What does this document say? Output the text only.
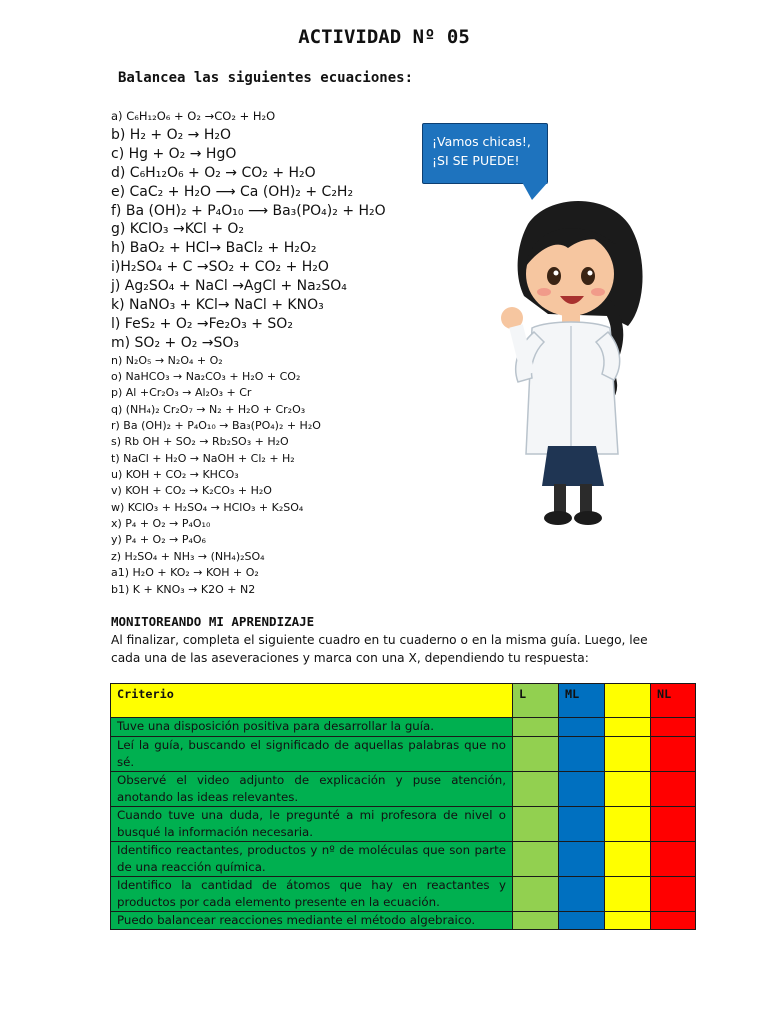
ACTIVIDAD Nº 05
Balancea las siguientes ecuaciones:
a) C₆H₁₂O₆ + O₂ →CO₂ + H₂O
b) H₂ + O₂ → H₂O
c) Hg + O₂ → HgO
d) C₆H₁₂O₆ + O₂ → CO₂ + H₂O
e) CaC₂ + H₂O ⟶ Ca (OH)₂ + C₂H₂
f) Ba (OH)₂ + P₄O₁₀ ⟶ Ba₃(PO₄)₂ + H₂O
g) KClO₃ →KCl + O₂
h) BaO₂ + HCl→ BaCl₂ + H₂O₂
i)H₂SO₄ + C →SO₂ + CO₂ + H₂O
j) Ag₂SO₄ + NaCl →AgCl + Na₂SO₄
k) NaNO₃ + KCl→ NaCl + KNO₃
l) FeS₂ + O₂ →Fe₂O₃ + SO₂
m) SO₂ + O₂ →SO₃
n) N₂O₅ → N₂O₄ + O₂
o) NaHCO₃ → Na₂CO₃ + H₂O + CO₂
p) Al +Cr₂O₃ → Al₂O₃ + Cr
q) (NH₄)₂ Cr₂O₇ → N₂ + H₂O + Cr₂O₃
r) Ba (OH)₂ + P₄O₁₀ → Ba₃(PO₄)₂ + H₂O
s) Rb OH + SO₂ → Rb₂SO₃ + H₂O
t) NaCl + H₂O → NaOH + Cl₂ + H₂
u) KOH + CO₂ → KHCO₃
v) KOH + CO₂ → K₂CO₃ + H₂O
w) KClO₃ + H₂SO₄ → HClO₃ + K₂SO₄
x) P₄ + O₂ → P₄O₁₀
y) P₄ + O₂ → P₄O₆
z) H₂SO₄ + NH₃ → (NH₄)₂SO₄
a1) H₂O + KO₂ → KOH + O₂
b1) K + KNO₃ → K2O + N2
¡Vamos chicas!,
¡SI SE PUEDE!
MONITOREANDO MI APRENDIZAJE
Al finalizar, completa el siguiente cuadro en tu cuaderno o en la misma guía. Luego, lee cada una de las aseveraciones y marca con una X, dependiendo tu respuesta:
Criterio	L	ML		NL
Tuve una disposición positiva para desarrollar la guía.				
Leí la guía, buscando el significado de aquellas palabras que no sé.				
Observé el video adjunto de explicación y puse atención, anotando las ideas relevantes.				
Cuando tuve una duda, le pregunté a mi profesora de nivel o busqué la información necesaria.				
Identifico reactantes, productos y nº de moléculas que son parte de una reacción química.				
Identifico la cantidad de átomos que hay en reactantes y productos por cada elemento presente en la ecuación.				
Puedo balancear reacciones mediante el método algebraico.				
